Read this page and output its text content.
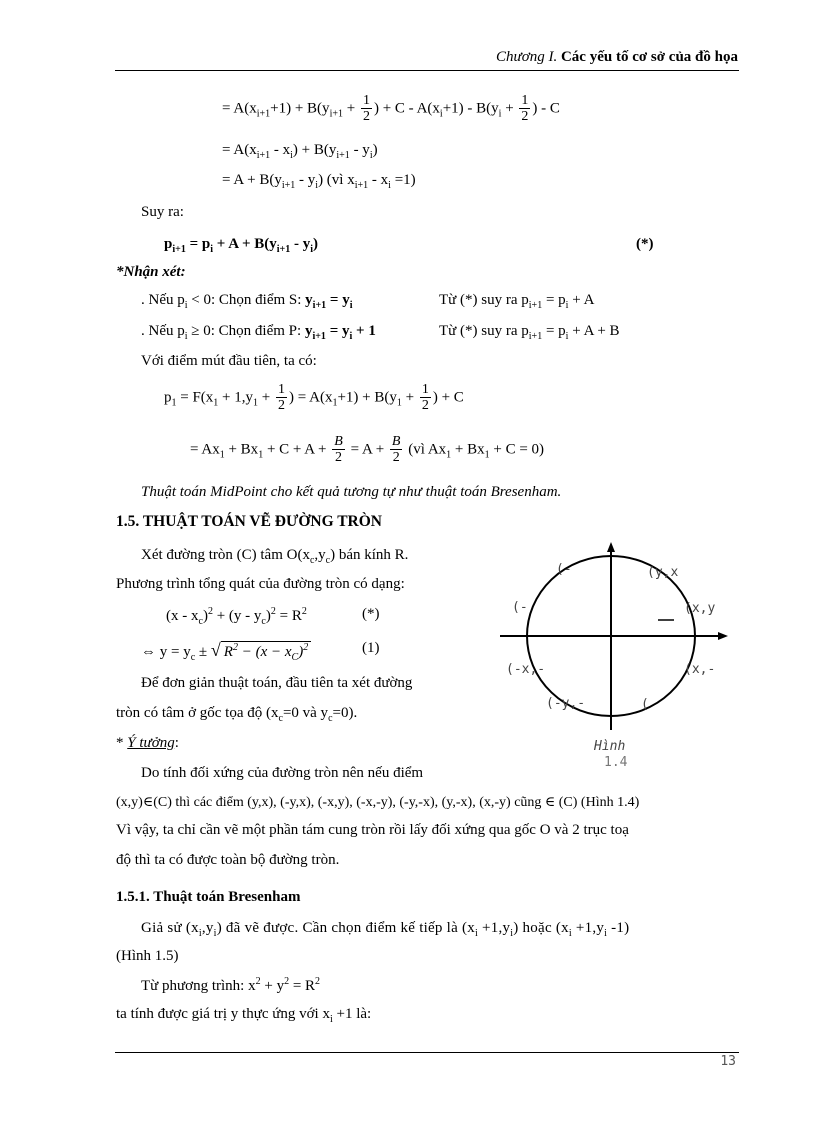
Chương I. Các yếu tố cơ sở của đồ họa
= $A(x_{i+1}+1) + B(y_{i+1} + \frac{1}{2}$ ) + $C - A(x_i+1) - B(y_i + \frac{1}{2}$ ) - C
= $A(x_{i+1} - x_i) + B(y_{i+1} - y_i)$
= $A + B(y_{i+1} - y_i)$ (vì $x_{i+1} - x_i =1$)
Suy ra:
$p_{i+1} = p_i + A + B(y_{i+1} - y_i)$	(*)
*Nhận xét:
. Nếu $p_i < 0$: Chọn điểm S: $y_{i+1} = y_i$	Từ (*) suy ra $p_{i+1} = p_i + A$
. Nếu $p_i \ge 0$: Chọn điểm P: $y_{i+1} = y_i + 1$	Từ (*) suy ra $p_{i+1} = p_i + A + B$
Với điểm mút đầu tiên, ta có:
$p_1 = F(x_1 + 1,y_1 + \frac{1}{2}$ ) = $A(x_1+1) + B(y_1 + \frac{1}{2}$ ) + C
= $Ax_1 + Bx_1 + C + A + \frac{B}{2} = A + \frac{B}{2}$ (vì $Ax_1 + Bx_1 + C = 0$)
Thuật toán MidPoint cho kết quả tương tự như thuật toán Bresenham.
1.5. THUẬT TOÁN VẼ ĐƯỜNG TRÒN
Xét đường tròn (C) tâm $O(x_c,y_c)$ bán kính R.
Phương trình tổng quát của đường tròn có dạng:
$(x - x_c)^2 + (y - y_c)^2 = R^2$	(*)
⇔ $y = y_c$ ± √ $R^2 - (x - x_C)^2$	(1)
Để đơn giản thuật toán, đầu tiên ta xét đường
tròn có tâm ở gốc tọa độ ($x_c=0$ và $y_c=0$).
* Ý tưởng:
Do tính đối xứng của đường tròn nên nếu điểm
(x,y)∈(C) thì các điểm (y,x), (-y,x), (-x,y), (-x,-y), (-y,-x), (y,-x), (x,-y) cũng ∈ (C) (Hình 1.4)
Vì vậy, ta chỉ cần vẽ một phần tám cung tròn rồi lấy đối xứng qua gốc O và 2 trục toạ
độ thì ta có được toàn bộ đường tròn.
(-	(y,x
(-	(x,y
(-x,-	(x,-
(-y,-	(
Hình
1.4
1.5.1. Thuật toán Bresenham
Giả sử $(x_i,y_i)$ đã vẽ được. Cần chọn điểm kế tiếp là $(x_i +1,y_i)$ hoặc ($x_i +1,y_i$ -1)
(Hình 1.5)
Từ phương trình: $x^2 + y^2 = R^2$
ta tính được giá trị y thực ứng với $x_i +1$ là:
13
